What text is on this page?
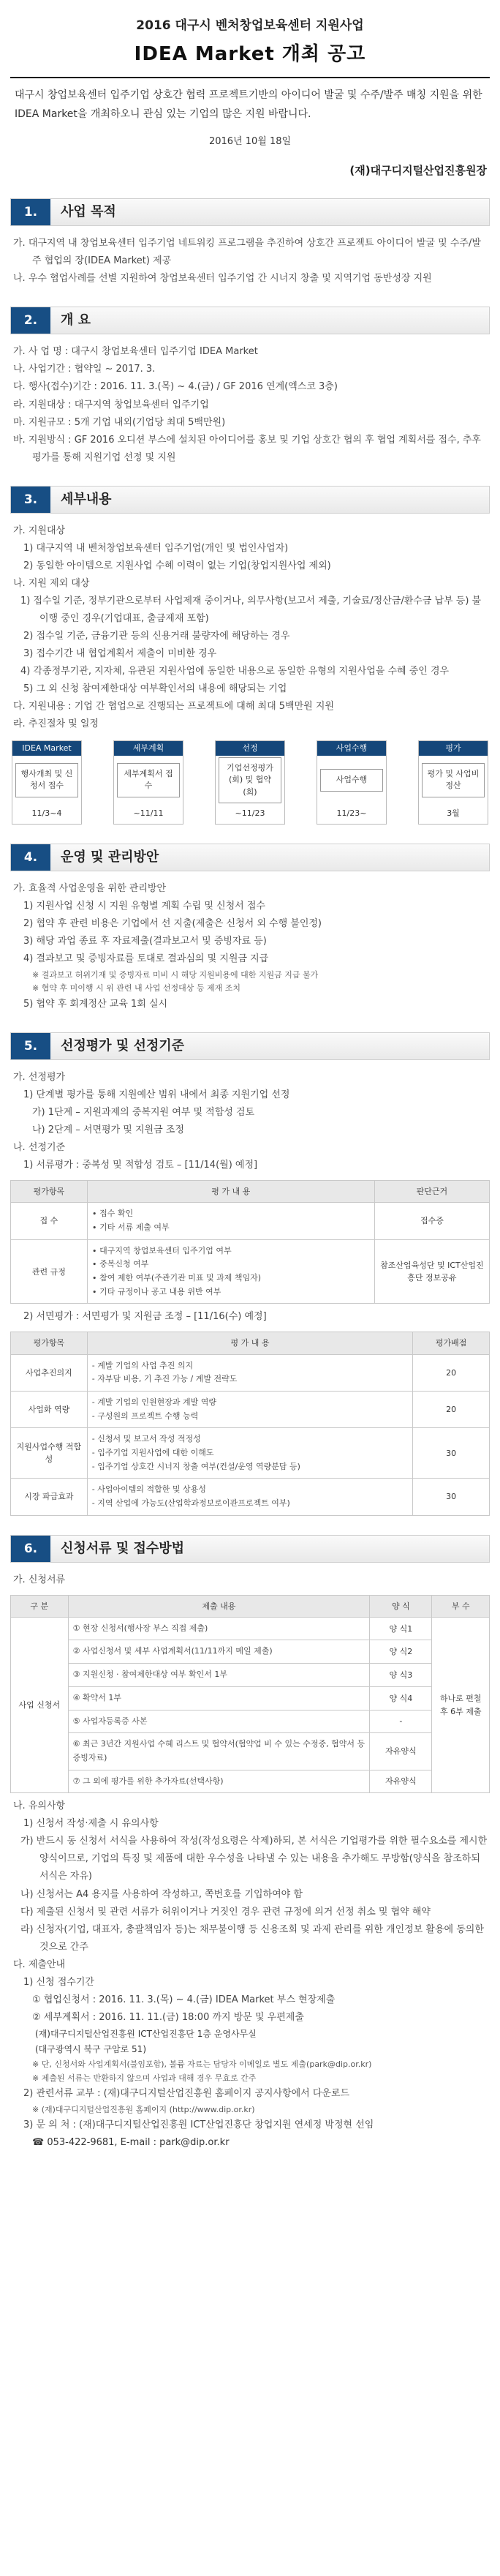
2016 대구시 벤처창업보육센터 지원사업
IDEA Market 개최 공고
대구시 창업보육센터 입주기업 상호간 협력 프로젝트기반의 아이디어 발굴 및 수주/발주 매칭 지원을 위한 IDEA Market을 개최하오니 관심 있는 기업의 많은 지원 바랍니다.
2016년 10월 18일
(재)대구디지털산업진흥원장
1.	사업 목적
가. 대구지역 내 창업보육센터 입주기업 네트워킹 프로그램을 추진하여 상호간 프로젝트 아이디어 발굴 및 수주/발주 협업의 장(IDEA Market) 제공
나. 우수 협업사례를 선별 지원하여 창업보육센터 입주기업 간 시너지 창출 및 지역기업 동반성장 지원
2.	개 요
가. 사 업 명 : 대구시 창업보육센터 입주기업 IDEA Market
나. 사업기간 : 협약일 ~ 2017. 3.
다. 행사(접수)기간 : 2016. 11. 3.(목) ~ 4.(금) / GF 2016 연계(엑스코 3층)
라. 지원대상 : 대구지역 창업보육센터 입주기업
마. 지원규모 : 5개 기업 내외(기업당 최대 5백만원)
바. 지원방식 : GF 2016 오디션 부스에 설치된 아이디어를 홍보 및 기업 상호간 협의 후 협업 계획서를 접수, 추후 평가를 통해 지원기업 선정 및 지원
3.	세부내용
가. 지원대상
1) 대구지역 내 벤처창업보육센터 입주기업(개인 및 법인사업자)
2) 동일한 아이템으로 지원사업 수혜 이력이 없는 기업(창업지원사업 제외)
나. 지원 제외 대상
1) 접수일 기준, 정부기관으로부터 사업제재 중이거나, 의무사항(보고서 제출, 기술료/정산금/환수금 납부 등) 불이행 중인 경우(기업대표, 출금제재 포함)
2) 접수일 기준, 금융기관 등의 신용거래 불량자에 해당하는 경우
3) 접수기간 내 협업계획서 제출이 미비한 경우
4) 각종정부기관, 지자체, 유관된 지원사업에 동일한 내용으로 동일한 유형의 지원사업을 수혜 중인 경우
5) 그 외 신청 참여제한대상 여부확인서의 내용에 해당되는 기업
다. 지원내용 : 기업 간 협업으로 진행되는 프로젝트에 대해 최대 5백만원 지원
라. 추진절차 및 일정
IDEA Market
행사개최 및 신청서 접수
11/3~4
세부계획
세부계획서 접수
~11/11
선정
기업선정평가(회) 및 협약(회)
~11/23
사업수행
사업수행
11/23~
평가
평가 및 사업비정산
3월
4.	운영 및 관리방안
가. 효율적 사업운영을 위한 관리방안
1) 지원사업 신청 시 지원 유형별 계획 수립 및 신청서 접수
2) 협약 후 관련 비용은 기업에서 선 지출(제출은 신청서 외 수행 불인정)
3) 해당 과업 종료 후 자료제출(결과보고서 및 증빙자료 등)
4) 결과보고 및 증빙자료를 토대로 결과심의 및 지원금 지급
※ 결과보고 허위기재 및 증빙자료 미비 시 해당 지원비용에 대한 지원금 지급 불가
※ 협약 후 미이행 시 위 관련 내 사업 선정대상 등 제재 조치
5) 협약 후 회계정산 교육 1회 실시
5.	선정평가 및 선정기준
가. 선정평가
1) 단계별 평가를 통해 지원예산 범위 내에서 최종 지원기업 선정
가) 1단계 – 지원과제의 중복지원 여부 및 적합성 검토
나) 2단계 – 서면평가 및 지원금 조정
나. 선정기준
1) 서류평가 : 중복성 및 적합성 검토 – [11/14(월) 예정]
평가항목	평 가 내 용	판단근거
접 수	∙ 접수 확인
∙ 기타 서류 제출 여부	접수증
관련 규정	∙ 대구지역 창업보육센터 입주기업 여부
∙ 중복신청 여부
∙ 참여 제한 여부(주관기관 미표 및 과제 책임자)
∙ 기타 규정이나 공고 내용 위반 여부	참조산업육성단 및 ICT산업진흥단 정보공유
2) 서면평가 : 서면평가 및 지원금 조정 – [11/16(수) 예정]
평가항목	평 가 내 용	평가배점
사업추진의지	- 계발 기업의 사업 추진 의지
- 자부담 비용, 기 추진 가능 / 계발 전략도	20
사업화 역량	- 계발 기업의 인원현장과 계발 역량
- 구성원의 프로젝트 수행 능력	20
지원사업수행 적합성	- 신청서 및 보고서 작성 적정성
- 입주기업 지원사업에 대한 이해도
- 입주기업 상호간 시너지 창출 여부(컨설/운영 역량분담 등)	30
시장 파급효과	- 사업아이템의 적합한 및 상용성
- 지역 산업에 가능도(산업학과정보로이관프로젝트 여부)	30
6.	신청서류 및 접수방법
가. 신청서류
구 분	제출 내용	양 식	부 수
사업 신청서	① 현장 신청서(행사장 부스 직접 제출)	양 식1	하나로 편철 후 6부 제출
	② 사업신청서 및 세부 사업계획서(11/11까지 메일 제출)	양 식2	
	③ 지원신청 · 참여제한대상 여부 확인서 1부	양 식3	
	④ 확약서 1부	양 식4	
	⑤ 사업자등록증 사본	-	
	⑥ 최근 3년간 지원사업 수혜 리스트 및 협약서(협약업 비 수 있는 수정중, 협약서 등 증빙자료)	자유양식	
	⑦ 그 외에 평가를 위한 추가자료(선택사항)	자유양식	
나. 유의사항
1) 신청서 작성·제출 시 유의사항
가) 반드시 동 신청서 서식을 사용하여 작성(작성요령은 삭제)하되, 본 서식은 기업평가를 위한 필수요소를 제시한 양식이므로, 기업의 특징 및 제품에 대한 우수성을 나타낼 수 있는 내용을 추가해도 무방함(양식을 참조하되 서식은 자유)
나) 신청서는 A4 용지를 사용하여 작성하고, 쪽번호를 기입하여야 함
다) 제출된 신청서 및 관련 서류가 허위이거나 거짓인 경우 관련 규정에 의거 선정 취소 및 협약 해약
라) 신청자(기업, 대표자, 총괄책임자 등)는 채무불이행 등 신용조회 및 과제 관리를 위한 개인정보 활용에 동의한 것으로 간주
다. 제출안내
1) 신청 접수기간
① 협업신청서 : 2016. 11. 3.(목) ~ 4.(금) IDEA Market 부스 현장제출
② 세부계획서 : 2016. 11. 11.(금) 18:00 까지 방문 및 우편제출
(재)대구디지털산업진흥원 ICT산업진흥단 1층 운영사무실
(대구광역시 북구 구암로 51)
※ 단, 신청서와 사업계획서(불임포함), 볼륨 자료는 담당자 이메일로 별도 제출(park@dip.or.kr)
※ 제출된 서류는 반환하지 않으며 사업과 대해 경우 무효로 간주
2) 관련서류 교부 : (재)대구디지털산업진흥원 홈페이지 공지사항에서 다운로드
※ (재)대구디지털산업진흥원 홈페이지 (http://www.dip.or.kr)
3) 문 의 처 : (재)대구디지털산업진흥원 ICT산업진흥단 창업지원 연세정 박정현 선임
☎ 053-422-9681, E-mail : park@dip.or.kr
